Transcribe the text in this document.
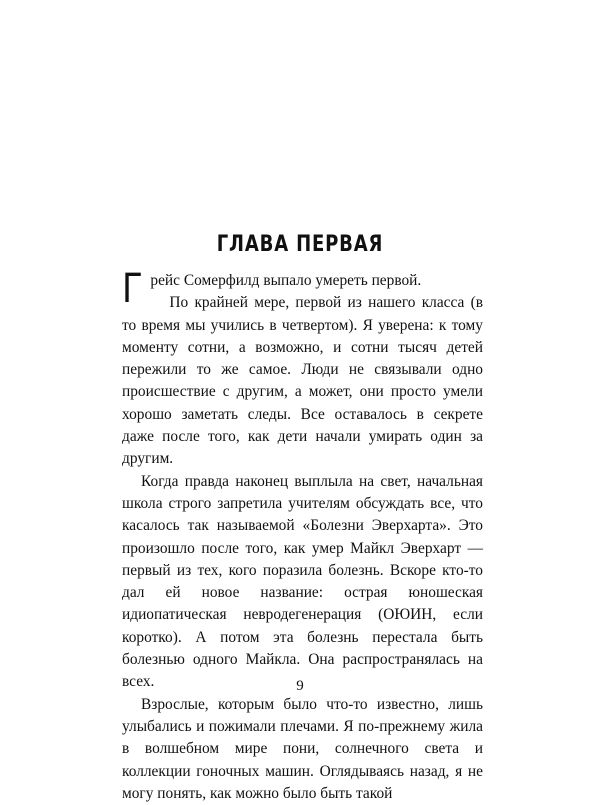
ГЛАВА ПЕРВАЯ

Грейс Сомерфилд выпало умереть первой.

По крайней мере, первой из нашего класса (в то время мы учились в четвертом). Я уверена: к тому моменту сотни, а возможно, и сотни тысяч детей пережили то же самое. Люди не связывали одно происшествие с другим, а может, они просто умели хорошо заметать следы. Все оставалось в секрете даже после того, как дети начали умирать один за другим.

Когда правда наконец выплыла на свет, начальная школа строго запретила учителям обсуждать все, что касалось так называемой «Болезни Эверхарта». Это произошло после того, как умер Майкл Эверхарт — первый из тех, кого поразила болезнь. Вскоре кто-то дал ей новое название: острая юношеская идиопатическая невродегенерация (ОЮИН, если коротко). А потом эта болезнь перестала быть болезнью одного Майкла. Она распространялась на всех.

Взрослые, которым было что-то известно, лишь улыбались и пожимали плечами. Я по-прежнему жила в волшебном мире пони, солнечного света и коллекции гоночных машин. Оглядываясь назад, я не могу понять, как можно было быть такой

9
